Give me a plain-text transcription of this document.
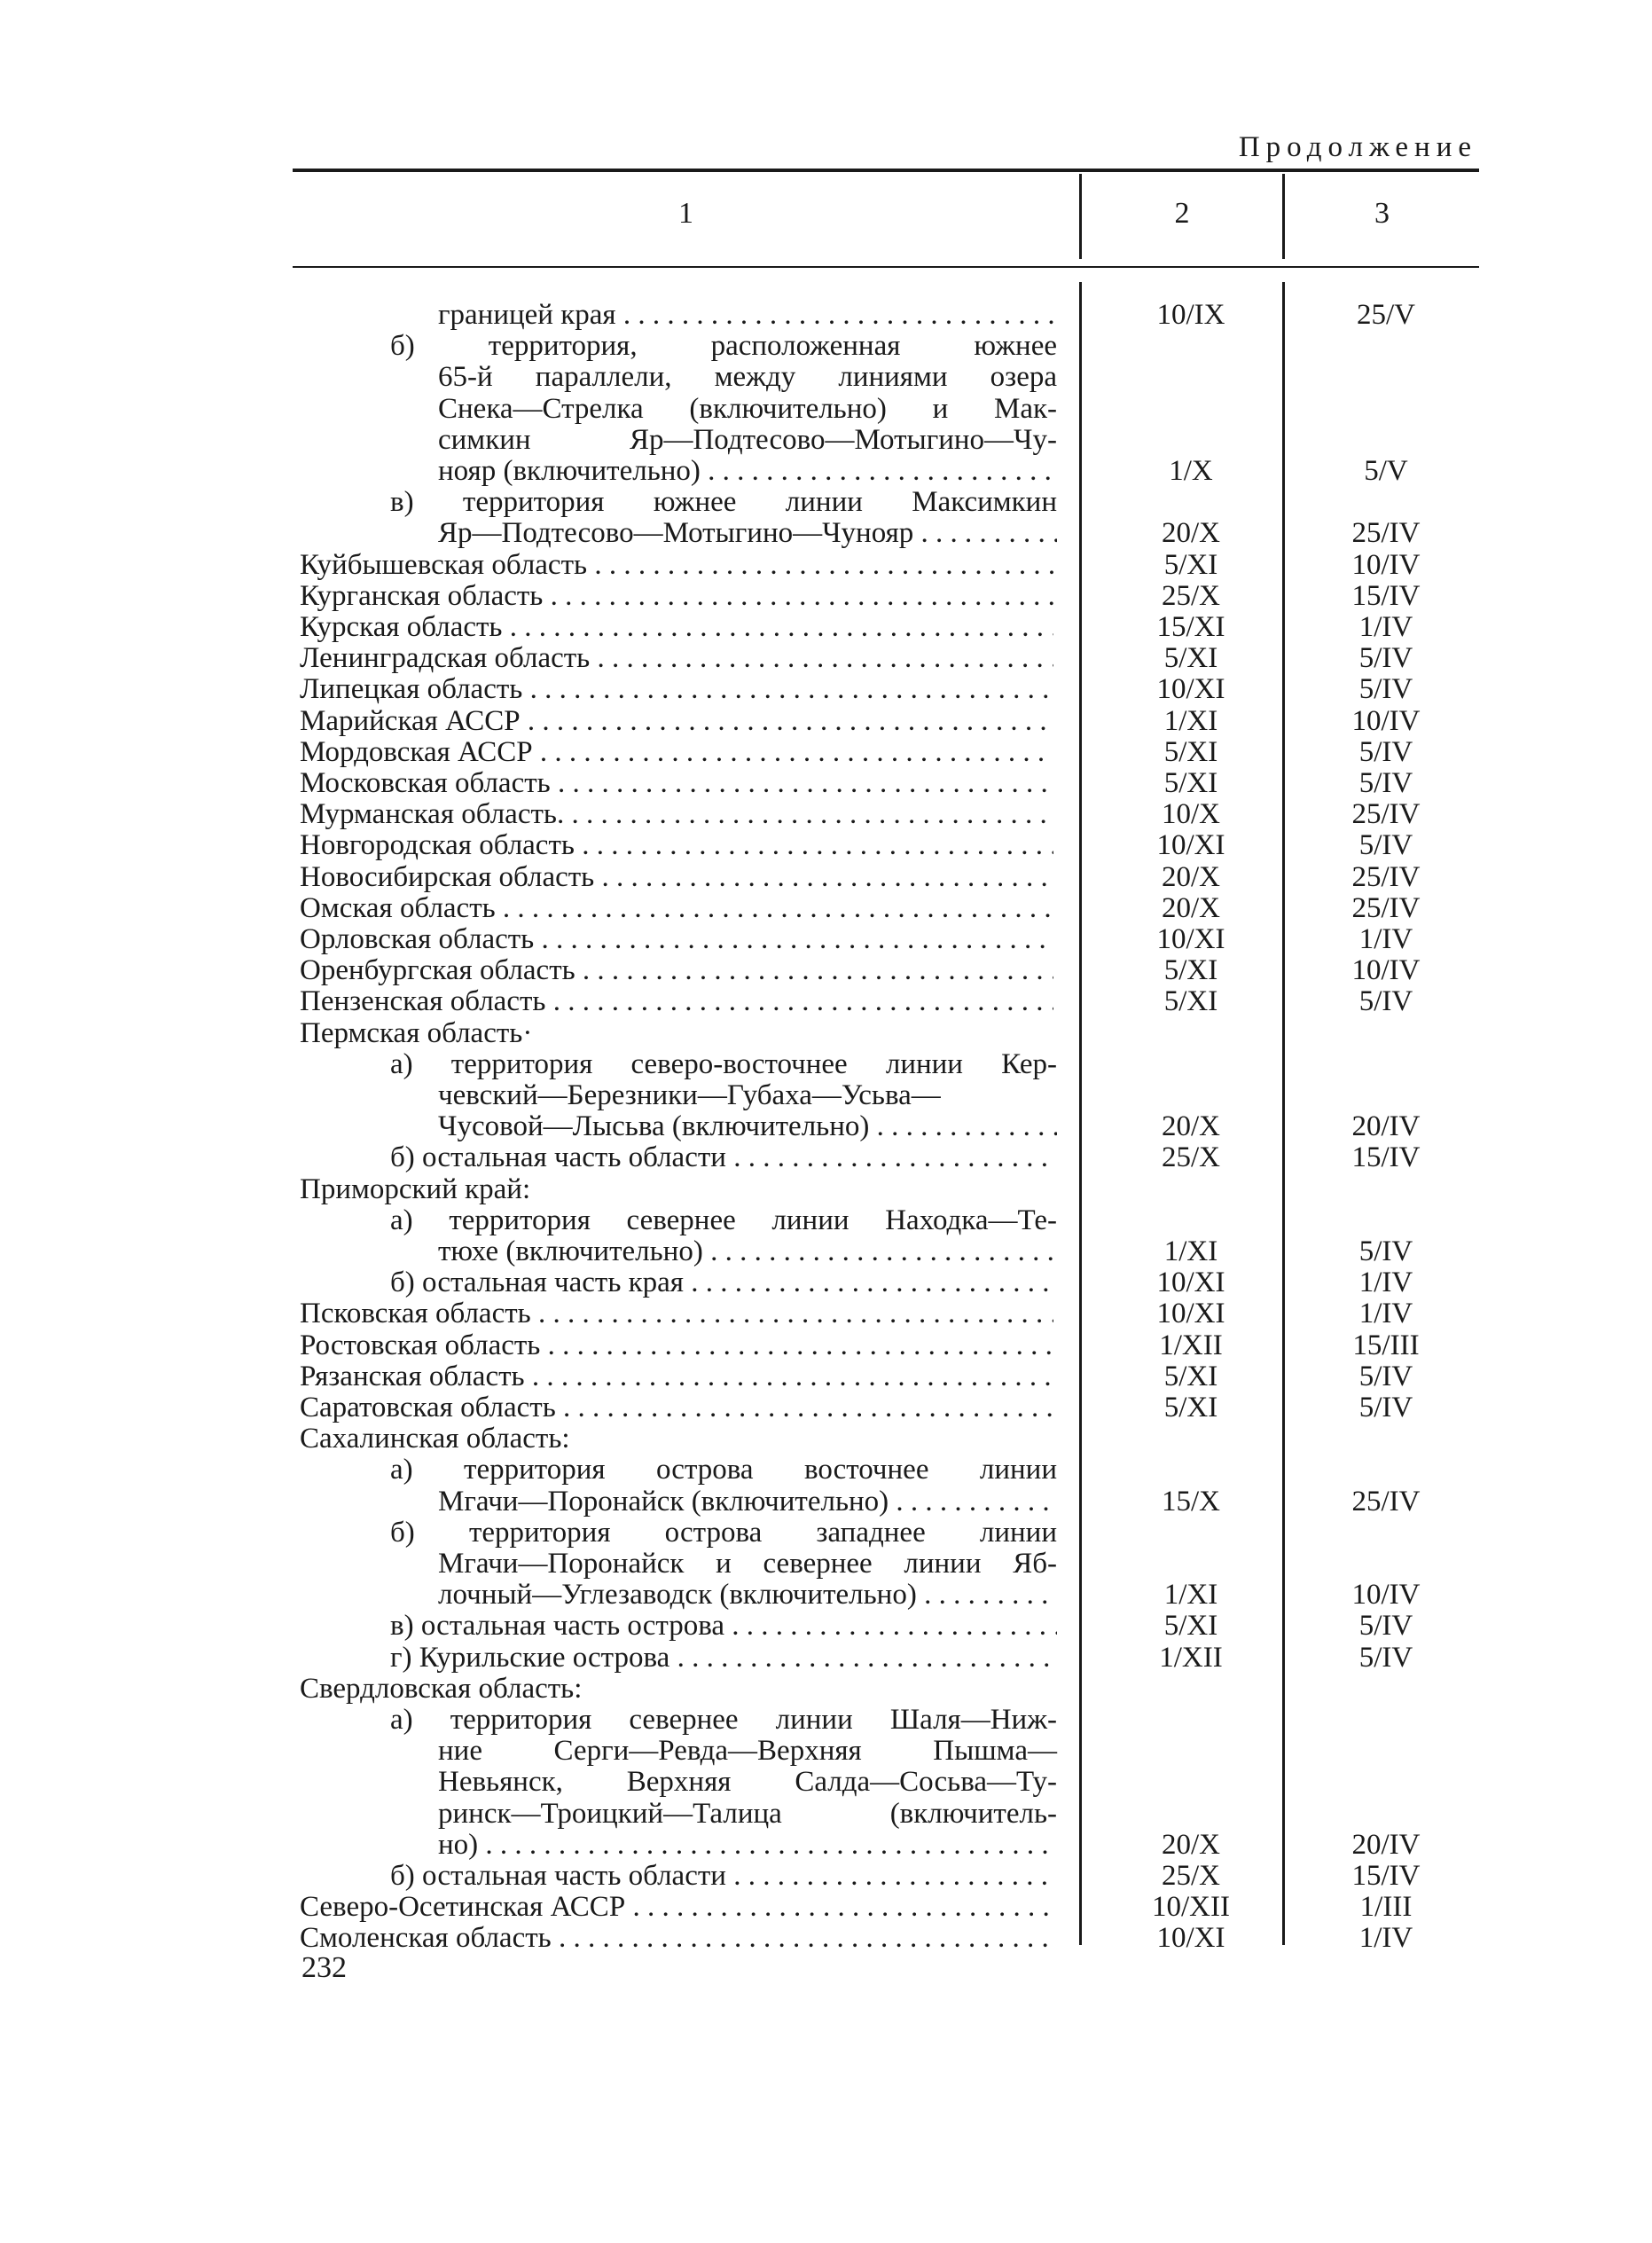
Продолжение
1	2	3
границей края . . .	10/IX	25/V
б) территория, расположенная южнее
65-й параллели, между линиями озера
Снека—Стрелка (включительно) и Мак-
симкин Яр—Подтесово—Мотыгино—Чу-
нояр (включительно) . . .	1/X	5/V
в) территория южнее линии Максимкин
Яр—Подтесово—Мотыгино—Чунояр . . .	20/X	25/IV
Куйбышевская область . . .	5/XI	10/IV
Курганская область . . .	25/X	15/IV
Курская область . . .	15/XI	1/IV
Ленинградская область . . .	5/XI	5/IV
Липецкая область . . .	10/XI	5/IV
Марийская АССР . . .	1/XI	10/IV
Мордовская АССР . . .	5/XI	5/IV
Московская область . . .	5/XI	5/IV
Мурманская область. . . .	10/X	25/IV
Новгородская область . . .	10/XI	5/IV
Новосибирская область . . .	20/X	25/IV
Омская область . . .	20/X	25/IV
Орловская область . . .	10/XI	1/IV
Оренбургская область . . .	5/XI	10/IV
Пензенская область . . .	5/XI	5/IV
Пермская область·
а) территория северо-восточнее линии Кер-
чевский—Березники—Губаха—Усьва—
Чусовой—Лысьва (включительно) . . .	20/X	20/IV
б) остальная часть области . . .	25/X	15/IV
Приморский край:
а) территория севернее линии Находка—Те-
тюхе (включительно) . . .	1/XI	5/IV
б) остальная часть края . . .	10/XI	1/IV
Псковская область . . .	10/XI	1/IV
Ростовская область . . .	1/XII	15/III
Рязанская область . . .	5/XI	5/IV
Саратовская область . . .	5/XI	5/IV
Сахалинская область:
а) территория острова восточнее линии
Мгачи—Поронайск (включительно) . . .	15/X	25/IV
б) территория острова западнее линии
Мгачи—Поронайск и севернее линии Яб-
лочный—Углезаводск (включительно) . . .	1/XI	10/IV
в) остальная часть острова . . .	5/XI	5/IV
г) Курильские острова . . .	1/XII	5/IV
Свердловская область:
а) территория севернее линии Шаля—Ниж-
ние Серги—Ревда—Верхняя Пышма—
Невьянск, Верхняя Салда—Сосьва—Ту-
ринск—Троицкий—Талица (включитель-
но) . . .	20/X	20/IV
б) остальная часть области . . .	25/X	15/IV
Северо-Осетинская АССР . . .	10/XII	1/III
Смоленская область . . .	10/XI	1/IV
232
